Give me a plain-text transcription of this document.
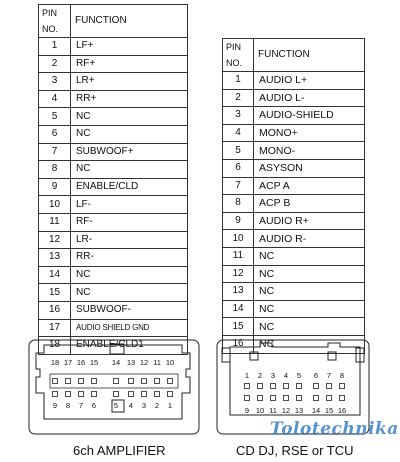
PIN NO.	FUNCTION
1	LF+
2	RF+
3	LR+
4	RR+
5	NC
6	NC
7	SUBWOOF+
8	NC
9	ENABLE/CLD
10	LF-
11	RF-
12	LR-
13	RR-
14	NC
15	NC
16	SUBWOOF-
17	AUDIO SHIELD GND
18	ENABLE/CLD1
PIN NO.	FUNCTION
1	AUDIO L+
2	AUDIO L-
3	AUDIO-SHIELD
4	MONO+
5	MONO-
6	ASYSON
7	ACP A
8	ACP B
9	AUDIO R+
10	AUDIO R-
11	NC
12	NC
13	NC
14	NC
15	NC
16	NC
18
9
17
8
16
7
15
6
14
5
13
4
12
3
11
2
10
1
1
9
2
10
3
11
4
12
5
13
6
14
7
15
8
16
6ch AMPLIFIER	CD DJ, RSE or TCU
Tolotechnika
